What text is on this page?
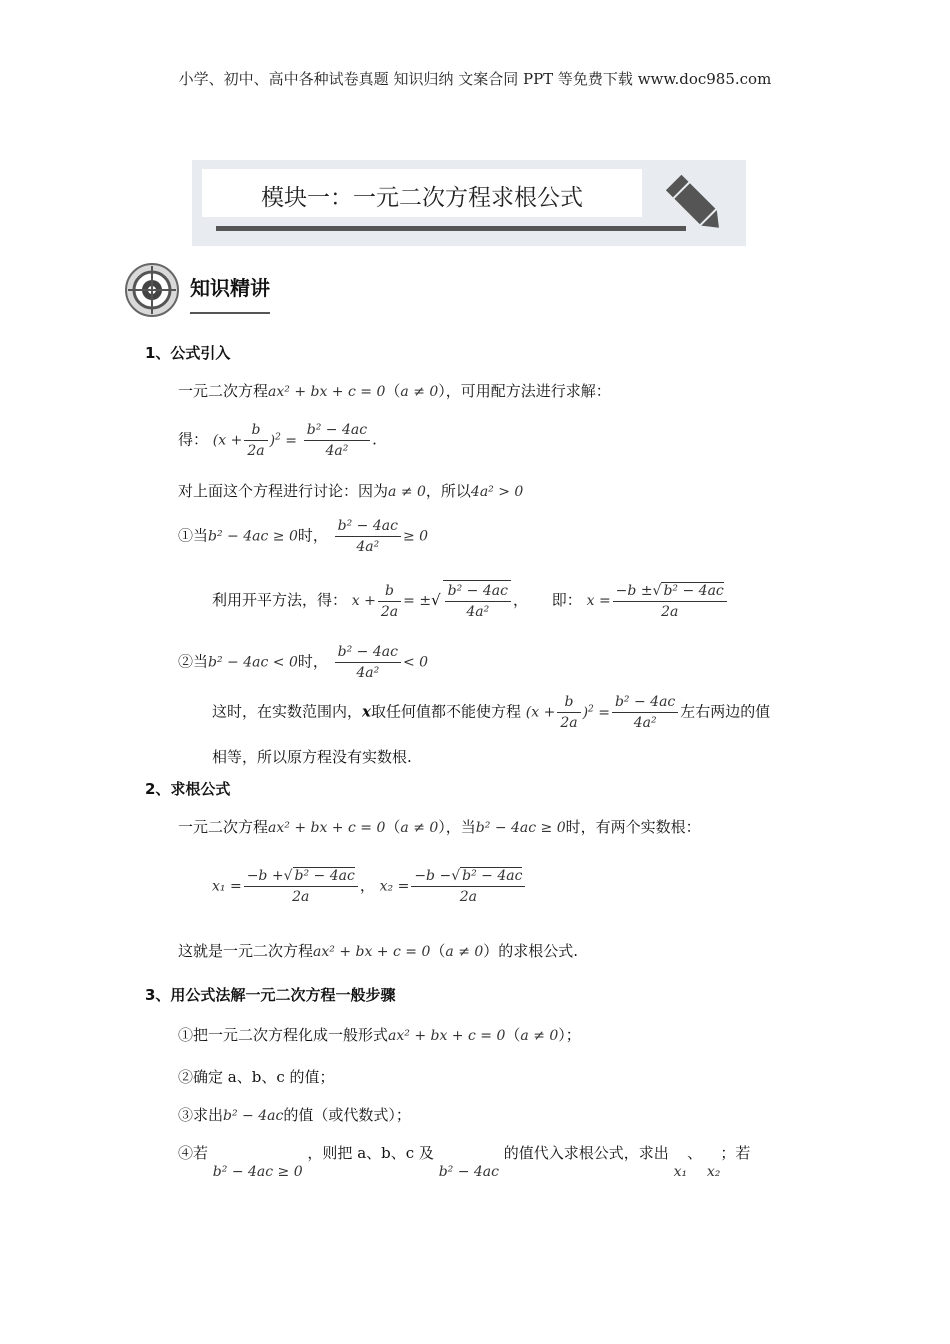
小学、初中、高中各种试卷真题 知识归纳 文案合同 PPT 等免费下载 www.doc985.com
模块一：一元二次方程求根公式
知识精讲
1、公式引入
一元二次方程ax² + bx + c = 0（a ≠ 0），可用配方法进行求解：
得： $(x + \frac{b}{2a} )^2 = \frac{\text{b² − 4ac}}{\text{4a²}}$ .
对上面这个方程进行讨论：因为a ≠ 0，所以4a² > 0
①当b² − 4ac ≥ 0时， $\frac{\text{b² − 4ac}}{\text{4a²}} \ge 0$
利用开平方法，得： $x + \frac{b}{2a}$ = ±√ $\frac{\text{b² − 4ac}}{\text{4a²}}$ ， 即： $x = \frac{\text{−b ±√ b² − 4ac}}{2a}$
②当b² − 4ac < 0时， $\frac{\text{b² − 4ac}}{\text{4a²}} < 0$
这时，在实数范围内，x取任何值都不能使方程 $(x + \frac{b}{2a} )^2 = \frac{\text{b² − 4ac}}{\text{4a²}}$ 左右两边的值
相等，所以原方程没有实数根.
2、求根公式
一元二次方程ax² + bx + c = 0（a ≠ 0），当b² − 4ac ≥ 0时，有两个实数根：
$x_1 = \frac{\text{−b +√ b² − 4ac}}{2a}$ ， $x_2 = \frac{\text{−b −√ b² − 4ac}}{2a}$
这就是一元二次方程ax² + bx + c = 0（a ≠ 0）的求根公式.
3、用公式法解一元二次方程一般步骤
①把一元二次方程化成一般形式ax² + bx + c = 0（a ≠ 0）；
②确定 a、b、c 的值；
③求出b² − 4ac的值（或代数式）；
④若 b² − 4ac ≥ 0 ，则把 a、b、c 及 b² − 4ac 的值代入求根公式，求出 x₁、 x₂；若
